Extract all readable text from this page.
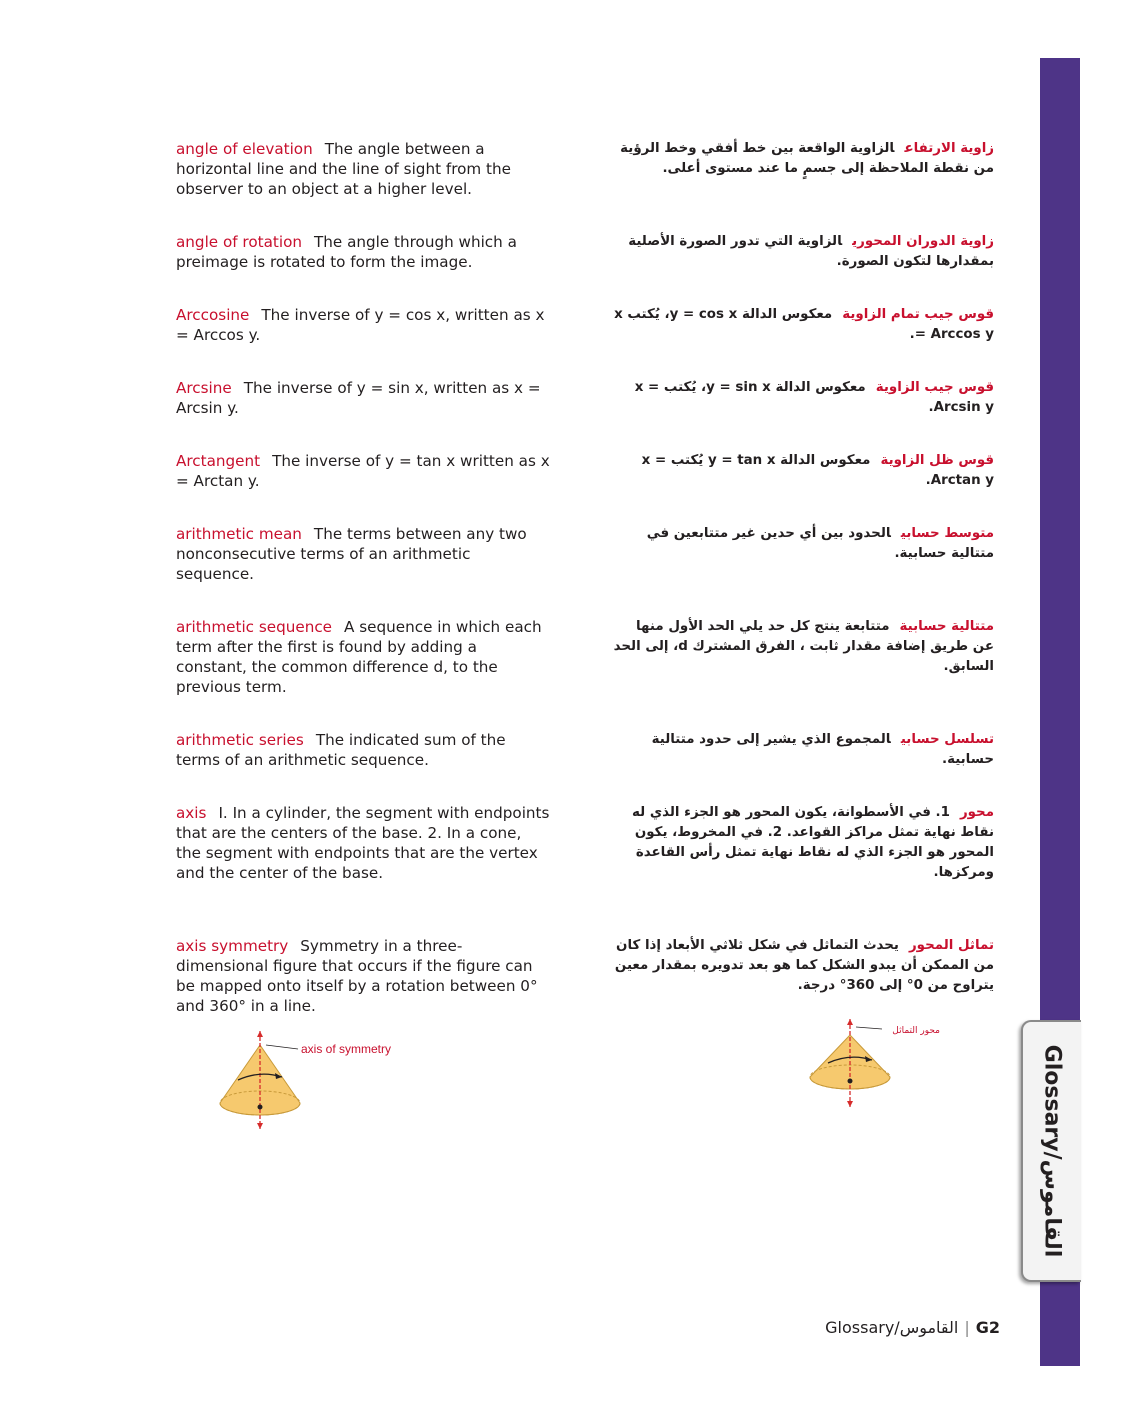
Glossary/القاموس
angle of elevation The angle between a horizontal line and the line of sight from the observer to an object at a higher level.
angle of rotation The angle through which a preimage is rotated to form the image.
Arccosine The inverse of y = cos x, written as x = Arccos y.
Arcsine The inverse of y = sin x, written as x = Arcsin y.
Arctangent The inverse of y = tan x written as x = Arctan y.
arithmetic mean The terms between any two nonconsecutive terms of an arithmetic sequence.
arithmetic sequence A sequence in which each term after the first is found by adding a constant, the common difference d, to the previous term.
arithmetic series The indicated sum of the terms of an arithmetic sequence.
axis I. In a cylinder, the segment with endpoints that are the centers of the base. 2. In a cone, the segment with endpoints that are the vertex and the center of the base.
axis symmetry Symmetry in a three-dimensional figure that occurs if the figure can be mapped onto itself by a rotation between 0° and 360° in a line.
زاوية الارتفاعالزاوية الواقعة بين خط أفقي وخط الرؤية من نقطة الملاحظة إلى جسمٍ ما عند مستوى أعلى.
زاوية الدوران المحوريالزاوية التي تدور الصورة الأصلية بمقدارها لتكون الصورة.
قوس جيب تمام الزاويةمعكوس الدالة y = cos x، يُكتب x = Arccos y.
قوس جيب الزاويةمعكوس الدالة y = sin x، يُكتب x = Arcsin y.
قوس ظل الزاويةمعكوس الدالة y = tan x يُكتب x = Arctan y.
متوسط حسابيالحدود بين أي حدين غير متتابعين في متتالية حسابية.
متتالية حسابيةمتتابعة ينتج كل حد يلي الحد الأول منها عن طريق إضافة مقدار ثابت ، الفرق المشترك d، إلى الحد السابق.
تسلسل حسابيالمجموع الذي يشير إلى حدود متتالية حسابية.
محور1. في الأسطوانة، يكون المحور هو الجزء الذي له نقاط نهاية تمثل مراكز القواعد. 2. في المخروط، يكون المحور هو الجزء الذي له نقاط نهاية تمثل رأس القاعدة ومركزها.
تماثل المحوريحدث التماثل في شكل ثلاثي الأبعاد إذا كان من الممكن أن يبدو الشكل كما هو بعد تدويره بمقدار معين يتراوح من 0° إلى 360° درجة.
axis of symmetry
محور التماثل
Glossary/القاموس | G2
